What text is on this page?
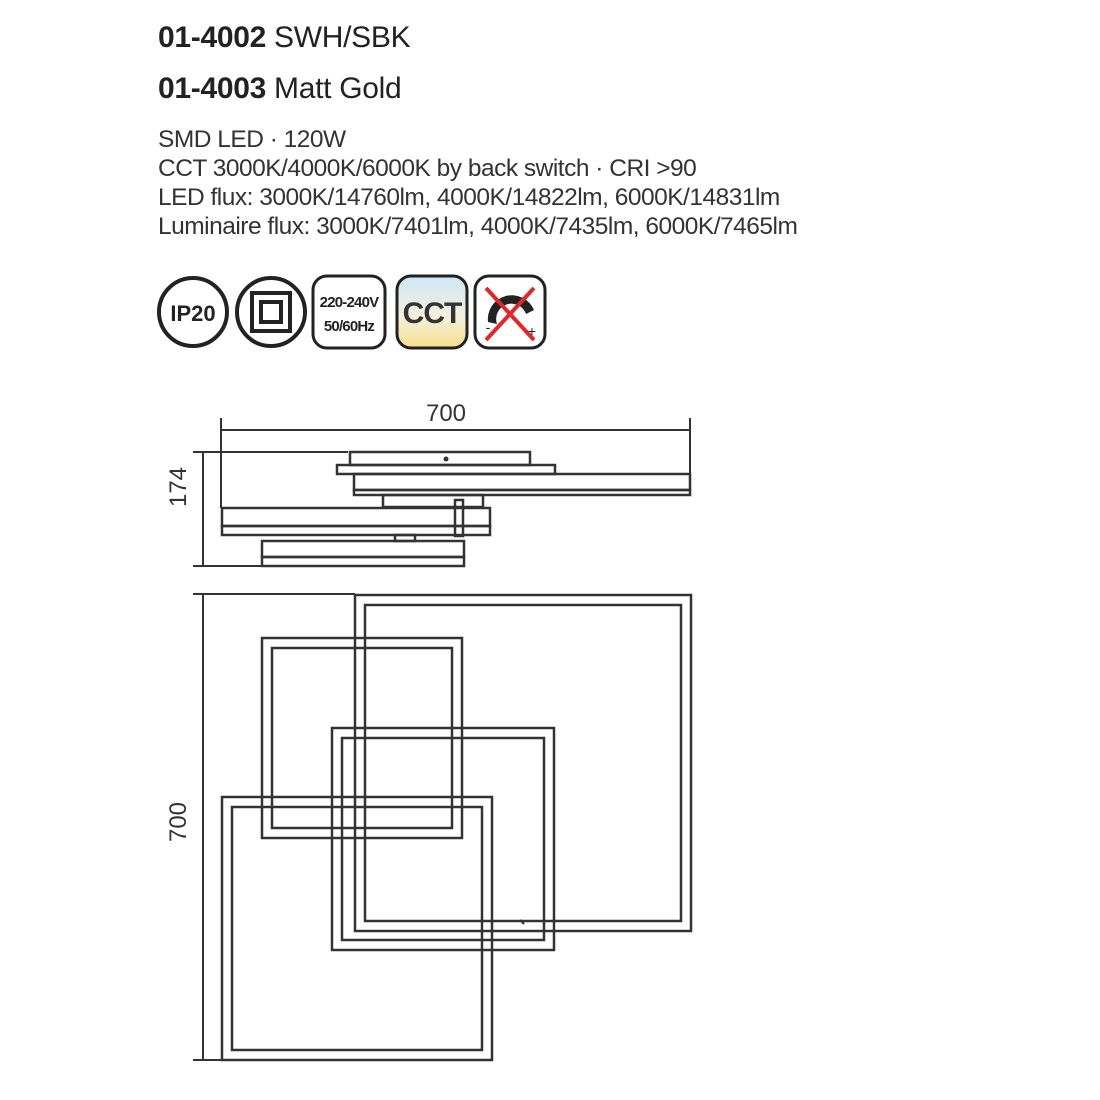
01-4002 SWH/SBK
01-4003 Matt Gold
SMD LED · 120W
CCT 3000K/4000K/6000K by back switch · CRI >90
LED flux: 3000K/14760lm, 4000K/14822lm, 6000K/14831lm
Luminaire flux: 3000K/7401lm, 4000K/7435lm, 6000K/7465lm
IP20	220-240V
50/60Hz CCT -	+
700
174
700
